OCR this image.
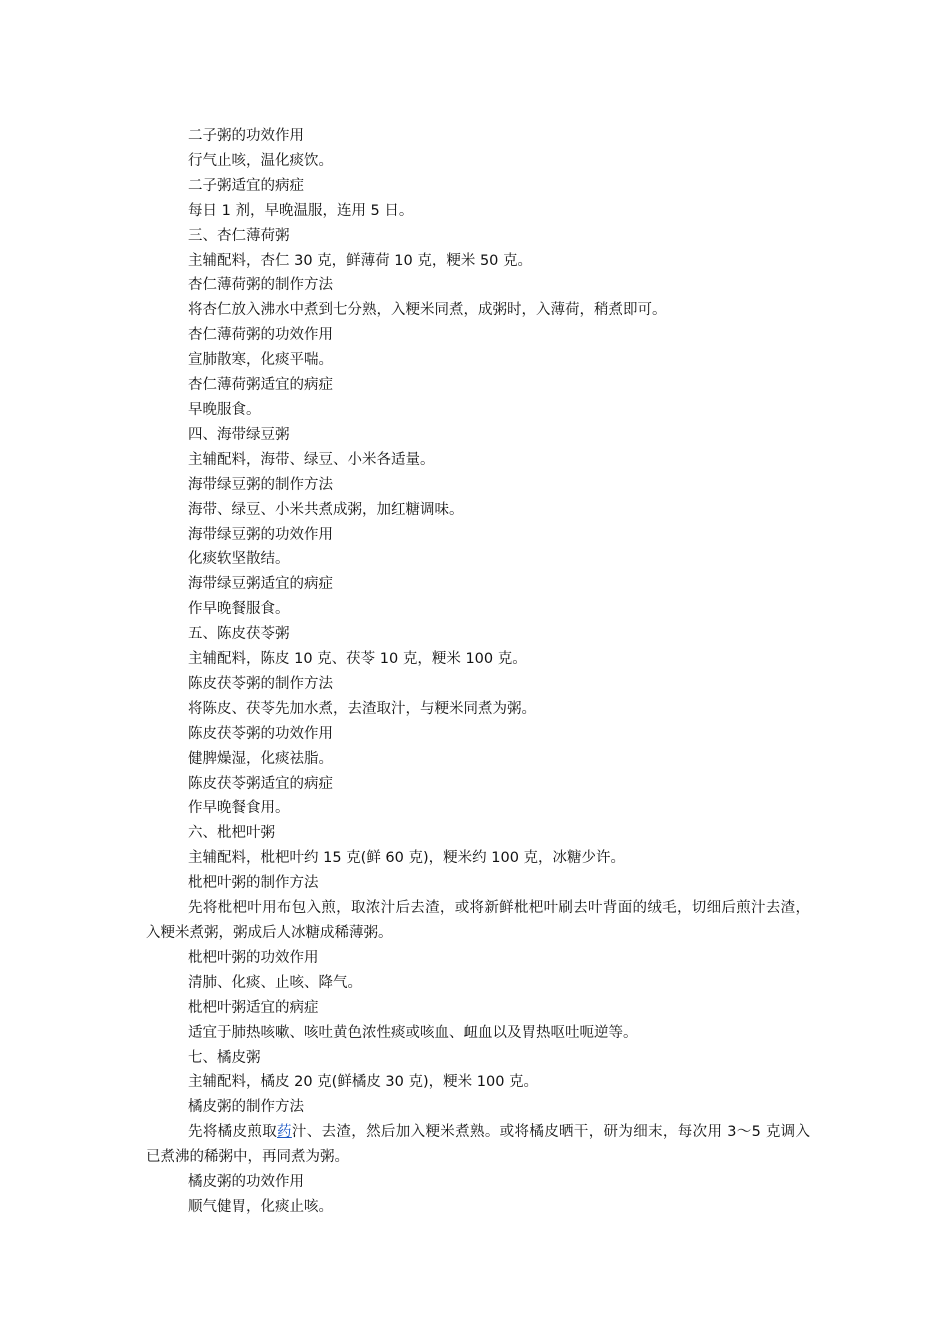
二子粥的功效作用

行气止咳，温化痰饮。

二子粥适宜的病症

每日 1 剂，早晚温服，连用 5 日。

三、杏仁薄荷粥

主辅配料，杏仁 30 克，鲜薄荷 10 克，粳米 50 克。

杏仁薄荷粥的制作方法

将杏仁放入沸水中煮到七分熟，入粳米同煮，成粥时，入薄荷，稍煮即可。

杏仁薄荷粥的功效作用

宣肺散寒，化痰平喘。

杏仁薄荷粥适宜的病症

早晚服食。

四、海带绿豆粥

主辅配料，海带、绿豆、小米各适量。

海带绿豆粥的制作方法

海带、绿豆、小米共煮成粥，加红糖调味。

海带绿豆粥的功效作用

化痰软坚散结。

海带绿豆粥适宜的病症

作早晚餐服食。

五、陈皮茯苓粥

主辅配料，陈皮 10 克、茯苓 10 克，粳米 100 克。

陈皮茯苓粥的制作方法

将陈皮、茯苓先加水煮，去渣取汁，与粳米同煮为粥。

陈皮茯苓粥的功效作用

健脾燥湿，化痰祛脂。

陈皮茯苓粥适宜的病症

作早晚餐食用。

六、枇杷叶粥

主辅配料，枇杷叶约 15 克(鲜 60 克)，粳米约 100 克，冰糖少许。

枇杷叶粥的制作方法

先将枇杷叶用布包入煎，取浓汁后去渣，或将新鲜枇杷叶刷去叶背面的绒毛，切细后煎汁去渣，入粳米煮粥，粥成后人冰糖成稀薄粥。

枇杷叶粥的功效作用

清肺、化痰、止咳、降气。

枇杷叶粥适宜的病症

适宜于肺热咳嗽、咳吐黄色浓性痰或咳血、衄血以及胃热呕吐呃逆等。

七、橘皮粥

主辅配料，橘皮 20 克(鲜橘皮 30 克)，粳米 100 克。

橘皮粥的制作方法

先将橘皮煎取药汁、去渣，然后加入粳米煮熟。或将橘皮晒干，研为细末，每次用 3～5 克调入已煮沸的稀粥中，再同煮为粥。

橘皮粥的功效作用

顺气健胃，化痰止咳。
